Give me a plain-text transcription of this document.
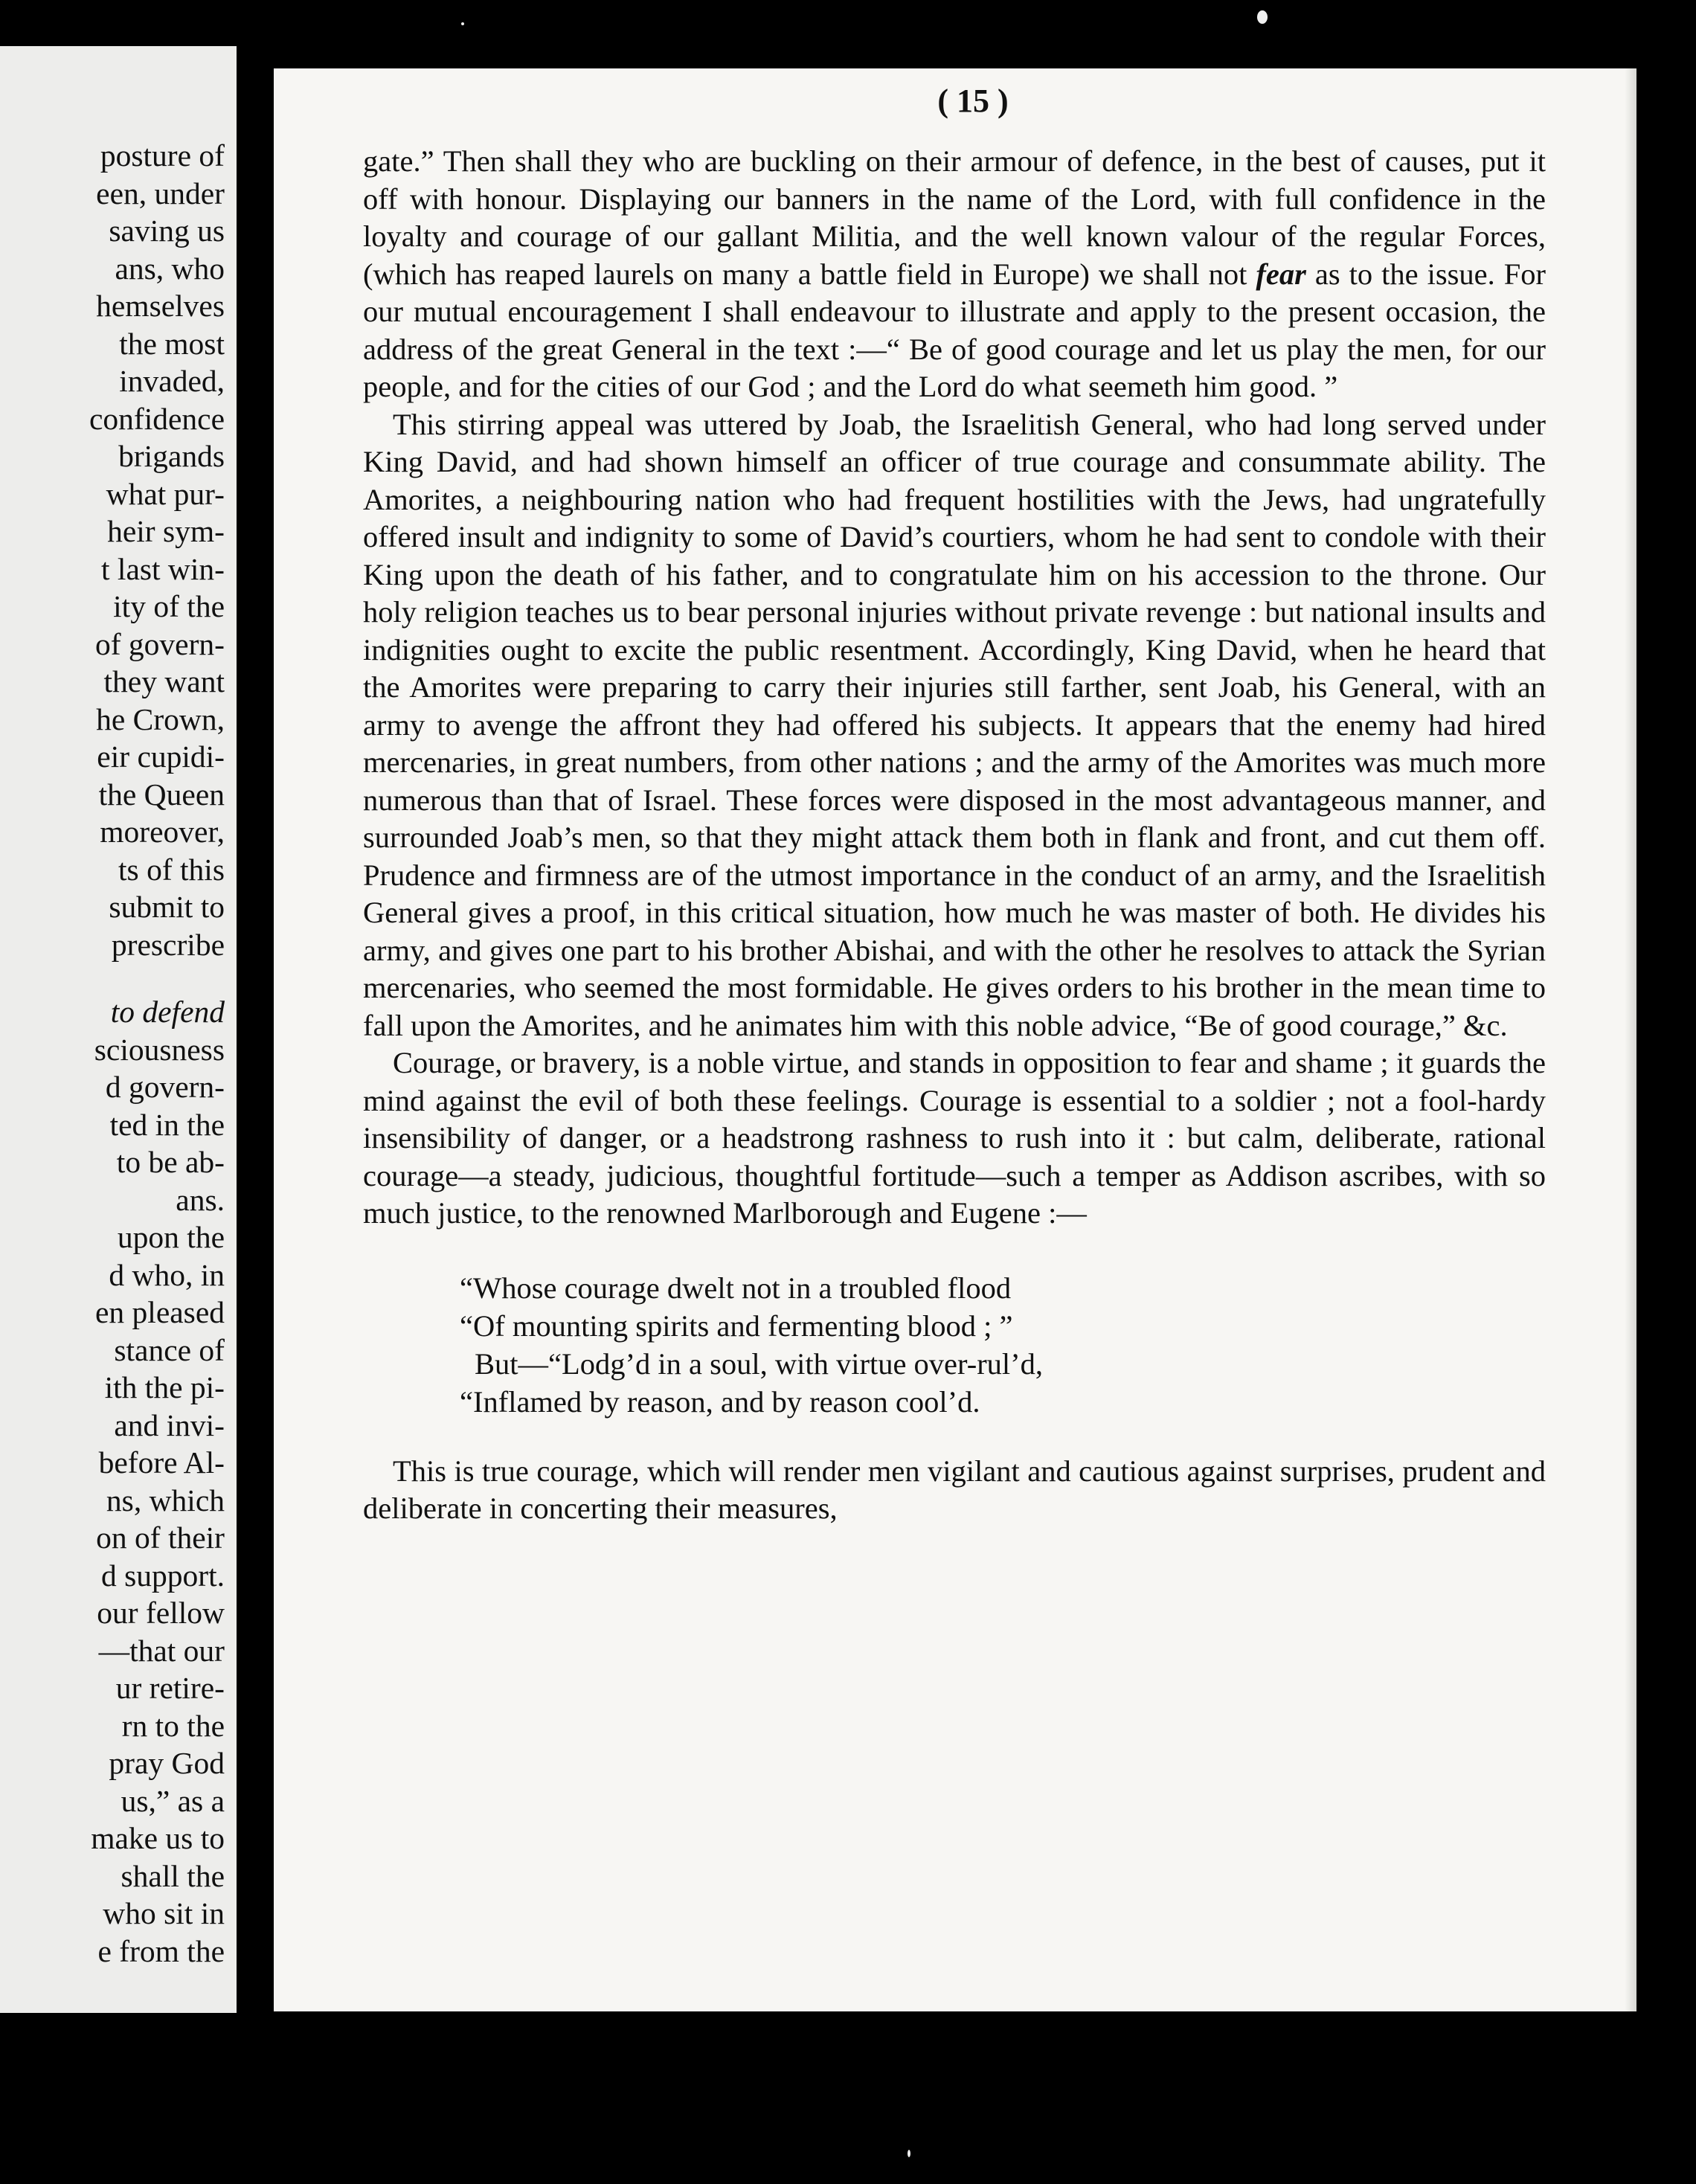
posture of
een, under
saving us
ans, who
hemselves
the most
invaded,
confidence
brigands
what pur-
heir sym-
t last win-
ity of the
of govern-
they want
he Crown,
eir cupidi-
the Queen
moreover,
ts of this
submit to
prescribe
to defend
sciousness
d govern-
ted in the
to be ab-
ans.
upon the
d who, in
en pleased
stance of
ith the pi-
and invi-
before Al-
ns, which
on of their
d support.
our fellow
—that our
ur retire-
rn to the
pray God
us,” as a
make us to
shall the
who sit in
e from the
( 15 )

gate.” Then shall they who are buckling on their armour of defence, in the best of causes, put it off with honour. Displaying our banners in the name of the Lord, with full confidence in the loyalty and courage of our gallant Militia, and the well known valour of the regular Forces, (which has reaped laurels on many a battle field in Europe) we shall not fear as to the issue. For our mutual encouragement I shall endeavour to illustrate and apply to the present occasion, the address of the great General in the text :—“ Be of good courage and let us play the men, for our people, and for the cities of our God ; and the Lord do what seemeth him good. ”

This stirring appeal was uttered by Joab, the Israelitish General, who had long served under King David, and had shown himself an officer of true courage and consummate ability. The Amorites, a neighbouring nation who had frequent hostilities with the Jews, had ungratefully offered insult and indignity to some of David’s courtiers, whom he had sent to condole with their King upon the death of his father, and to congratulate him on his accession to the throne. Our holy religion teaches us to bear personal injuries without private revenge : but national insults and indignities ought to excite the public resentment. Accordingly, King David, when he heard that the Amorites were preparing to carry their injuries still farther, sent Joab, his General, with an army to avenge the affront they had offered his subjects. It appears that the enemy had hired mercenaries, in great numbers, from other nations ; and the army of the Amorites was much more numerous than that of Israel. These forces were disposed in the most advantageous manner, and surrounded Joab’s men, so that they might attack them both in flank and front, and cut them off. Prudence and firmness are of the utmost importance in the conduct of an army, and the Israelitish General gives a proof, in this critical situation, how much he was master of both. He divides his army, and gives one part to his brother Abishai, and with the other he resolves to attack the Syrian mercenaries, who seemed the most formidable. He gives orders to his brother in the mean time to fall upon the Amorites, and he animates him with this noble advice, “Be of good courage,” &c.

Courage, or bravery, is a noble virtue, and stands in opposition to fear and shame ; it guards the mind against the evil of both these feelings. Courage is essential to a soldier ; not a fool-hardy insensibility of danger, or a headstrong rashness to rush into it : but calm, deliberate, rational courage—a steady, judicious, thoughtful fortitude—such a temper as Addison ascribes, with so much justice, to the renowned Marlborough and Eugene :—

“Whose courage dwelt not in a troubled flood
“Of mounting spirits and fermenting blood ; ”
But—“Lodg’d in a soul, with virtue over-rul’d,
“Inflamed by reason, and by reason cool’d.

This is true courage, which will render men vigilant and cautious against surprises, prudent and deliberate in concerting their measures,
